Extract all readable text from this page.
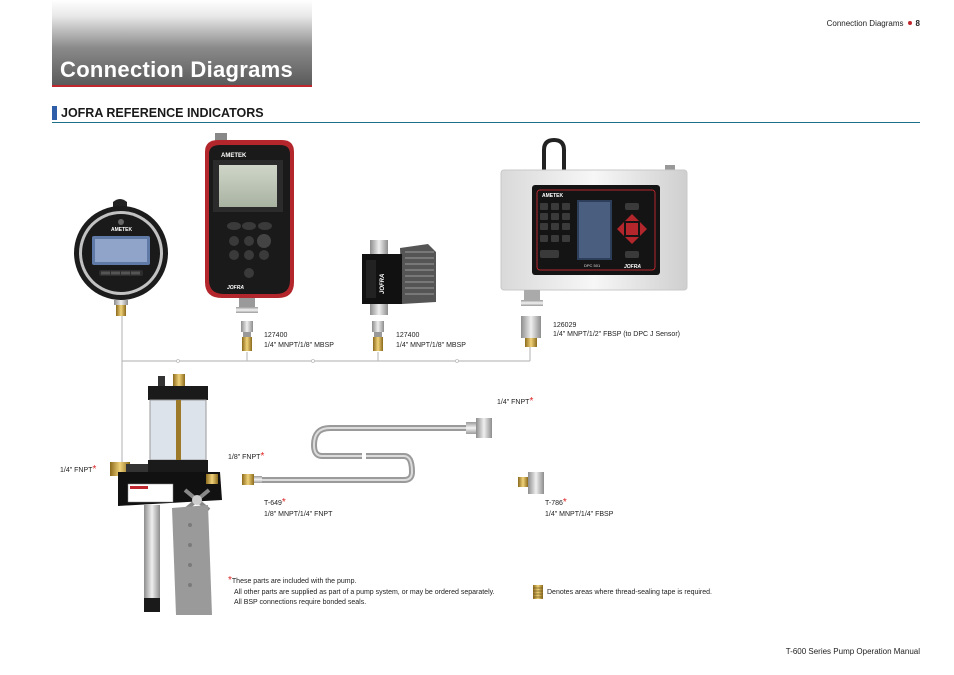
Connection Diagrams
Connection Diagrams 8
JOFRA REFERENCE INDICATORS
AMETEK
AMETEK
JOFRA	JOFRA
AMETEK
DPC 501	JOFRA
127400
1/4" MNPT/1/8" MBSP
127400
1/4" MNPT/1/8" MBSP
126029
1/4" MNPT/1/2" FBSP (to DPC J Sensor)
1/4" FNPT*
1/8" FNPT*
1/4" FNPT*
T-649*
1/8" MNPT/1/4" FNPT
T-786*
1/4" MNPT/1/4" FBSP
*These parts are included with the pump.
All other parts are supplied as part of a pump system, or may be ordered separately.
All BSP connections require bonded seals.
Denotes areas where thread-sealing tape is required.
T-600 Series Pump Operation Manual
